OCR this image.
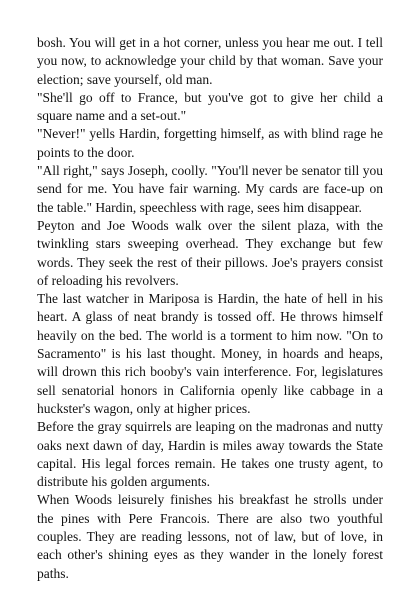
bosh. You will get in a hot corner, unless you hear me out. I tell you now, to acknowledge your child by that woman. Save your election; save yourself, old man.

"She'll go off to France, but you've got to give her child a square name and a set-out."

"Never!" yells Hardin, forgetting himself, as with blind rage he points to the door.

"All right," says Joseph, coolly. "You'll never be senator till you send for me. You have fair warning. My cards are face-up on the table." Hardin, speechless with rage, sees him disappear.

Peyton and Joe Woods walk over the silent plaza, with the twinkling stars sweeping overhead. They exchange but few words. They seek the rest of their pillows. Joe's prayers consist of reloading his revolvers.

The last watcher in Mariposa is Hardin, the hate of hell in his heart. A glass of neat brandy is tossed off. He throws himself heavily on the bed. The world is a torment to him now. "On to Sacramento" is his last thought. Money, in hoards and heaps, will drown this rich booby's vain interference. For, legislatures sell senatorial honors in California openly like cabbage in a huckster's wagon, only at higher prices.

Before the gray squirrels are leaping on the madronas and nutty oaks next dawn of day, Hardin is miles away towards the State capital. His legal forces remain. He takes one trusty agent, to distribute his golden arguments.

When Woods leisurely finishes his breakfast he strolls under the pines with Pere Francois. There are also two youthful couples. They are reading lessons, not of law, but of love, in each other's shining eyes as they wander in the lonely forest paths.
